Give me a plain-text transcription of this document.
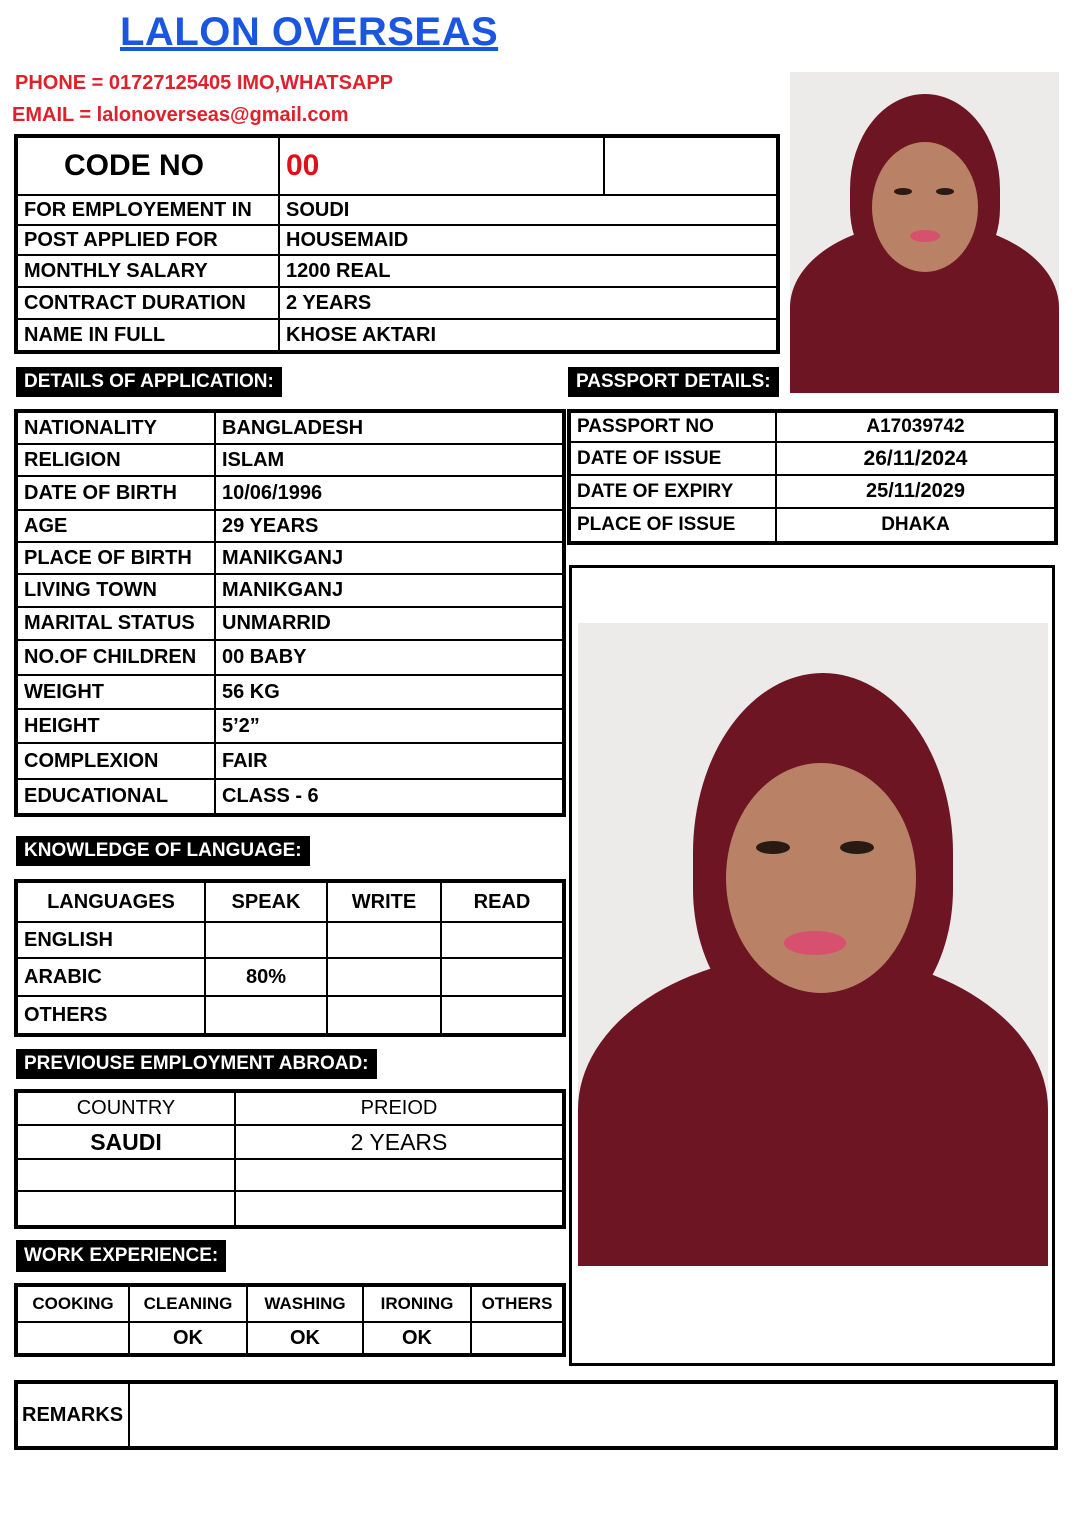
LALON OVERSEAS
PHONE = 01727125405 IMO,WHATSAPP
EMAIL = lalonoverseas@gmail.com
CODE NO	00	
FOR EMPLOYEMENT IN	SOUDI	
POST APPLIED FOR	HOUSEMAID	
MONTHLY SALARY	1200 REAL	
CONTRACT DURATION	2 YEARS	
NAME IN FULL	KHOSE AKTARI	
DETAILS OF APPLICATION:	PASSPORT DETAILS:
NATIONALITY	BANGLADESH
RELIGION	ISLAM
DATE OF BIRTH	10/06/1996
AGE	29 YEARS
PLACE OF BIRTH	MANIKGANJ
LIVING TOWN	MANIKGANJ
MARITAL STATUS	UNMARRID
NO.OF CHILDREN	00 BABY
WEIGHT	56 KG
HEIGHT	5’2”
COMPLEXION	FAIR
EDUCATIONAL	CLASS - 6
PASSPORT NO	A17039742
DATE OF ISSUE	26/11/2024
DATE OF EXPIRY	25/11/2029
PLACE OF ISSUE	DHAKA
KNOWLEDGE OF LANGUAGE:
LANGUAGES	SPEAK	WRITE	READ
ENGLISH			
ARABIC	80%		
OTHERS			
PREVIOUSE EMPLOYMENT ABROAD:
COUNTRY	PREIOD
SAUDI	2 YEARS

WORK EXPERIENCE:
COOKING	CLEANING	WASHING	IRONING	OTHERS
	OK	OK	OK	
REMARKS	
